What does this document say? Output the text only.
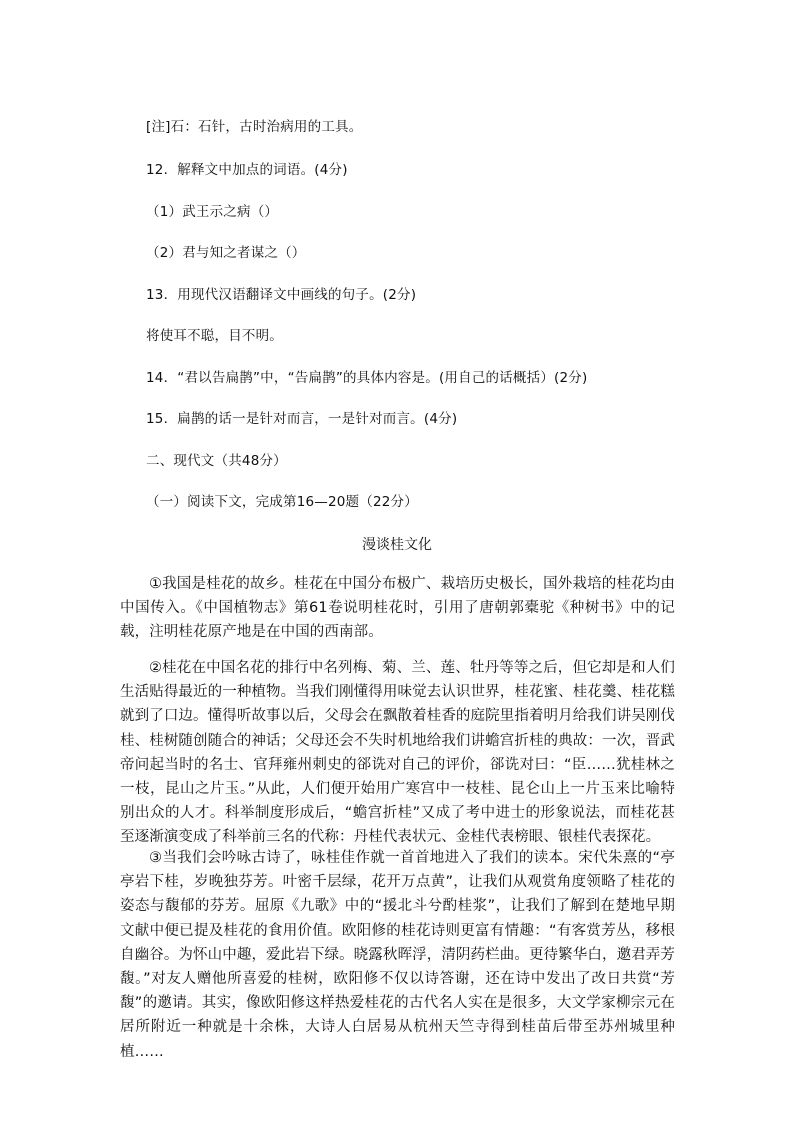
[注]石：石针，古时治病用的工具。
12．解释文中加点的词语。(4分)
（1）武王示之病（）
（2）君与知之者谋之（）
13．用现代汉语翻译文中画线的句子。(2分)
将使耳不聪，目不明。
14．“君以告扁鹊”中，“告扁鹊”的具体内容是。(用自己的话概括）(2分)
15．扁鹊的话一是针对而言，一是针对而言。(4分)
二、现代文（共48分）
（一）阅读下文，完成第16—20题（22分）
漫谈桂文化
①我国是桂花的故乡。桂花在中国分布极广、栽培历史极长，国外栽培的桂花均由中国传入。《中国植物志》第61卷说明桂花时，引用了唐朝郭橐驼《种树书》中的记载，注明桂花原产地是在中国的西南部。
②桂花在中国名花的排行中名列梅、菊、兰、莲、牡丹等等之后，但它却是和人们生活贴得最近的一种植物。当我们刚懂得用味觉去认识世界，桂花蜜、桂花羹、桂花糕就到了口边。懂得听故事以后，父母会在飘散着桂香的庭院里指着明月给我们讲吴刚伐桂、桂树随创随合的神话；父母还会不失时机地给我们讲蟾宫折桂的典故：一次，晋武帝问起当时的名士、官拜雍州刺史的郤诜对自己的评价，郤诜对曰：“臣……犹桂林之一枝，昆山之片玉。”从此，人们便开始用广寒宫中一枝桂、昆仑山上一片玉来比喻特别出众的人才。科举制度形成后，“蟾宫折桂”又成了考中进士的形象说法，而桂花甚至逐渐演变成了科举前三名的代称：丹桂代表状元、金桂代表榜眼、银桂代表探花。
③当我们会吟咏古诗了，咏桂佳作就一首首地进入了我们的读本。宋代朱熹的“亭亭岩下桂，岁晚独芬芳。叶密千层绿，花开万点黄”，让我们从观赏角度领略了桂花的姿态与馥郁的芬芳。屈原《九歌》中的“援北斗兮酌桂浆”，让我们了解到在楚地早期文献中便已提及桂花的食用价值。欧阳修的桂花诗则更富有情趣：“有客赏芳丛，移根自幽谷。为怀山中趣，爱此岩下绿。晓露秋晖浮，清阴药栏曲。更待繁华白，邀君弄芳馥。”对友人赠他所喜爱的桂树，欧阳修不仅以诗答谢，还在诗中发出了改日共赏“芳馥”的邀请。其实，像欧阳修这样热爱桂花的古代名人实在是很多，大文学家柳宗元在居所附近一种就是十余株，大诗人白居易从杭州天竺寺得到桂苗后带至苏州城里种植……
